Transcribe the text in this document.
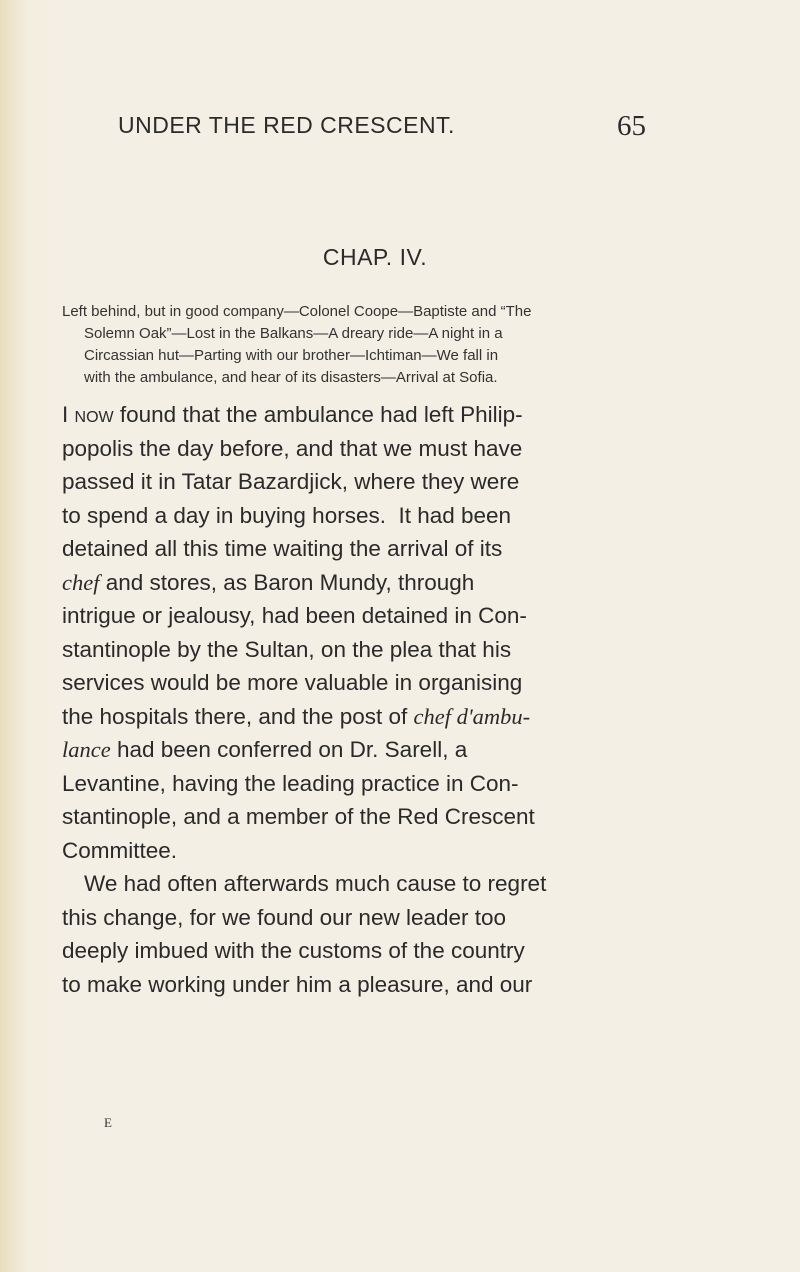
UNDER THE RED CRESCENT.	65
CHAP. IV.
Left behind, but in good company—Colonel Coope—Baptiste and “The
Solemn Oak”—Lost in the Balkans—A dreary ride—A night in a
Circassian hut—Parting with our brother—Ichtiman—We fall in
with the ambulance, and hear of its disasters—Arrival at Sofia.
I now found that the ambulance had left Philip-
popolis the day before, and that we must have
passed it in Tatar Bazardjick, where they were
to spend a day in buying horses.  It had been
detained all this time waiting the arrival of its
chef and stores, as Baron Mundy, through
intrigue or jealousy, had been detained in Con-
stantinople by the Sultan, on the plea that his
services would be more valuable in organising
the hospitals there, and the post of chef d'ambu-
lance had been conferred on Dr. Sarell, a
Levantine, having the leading practice in Con-
stantinople, and a member of the Red Crescent
Committee.
We had often afterwards much cause to regret
this change, for we found our new leader too
deeply imbued with the customs of the country
to make working under him a pleasure, and our
E
